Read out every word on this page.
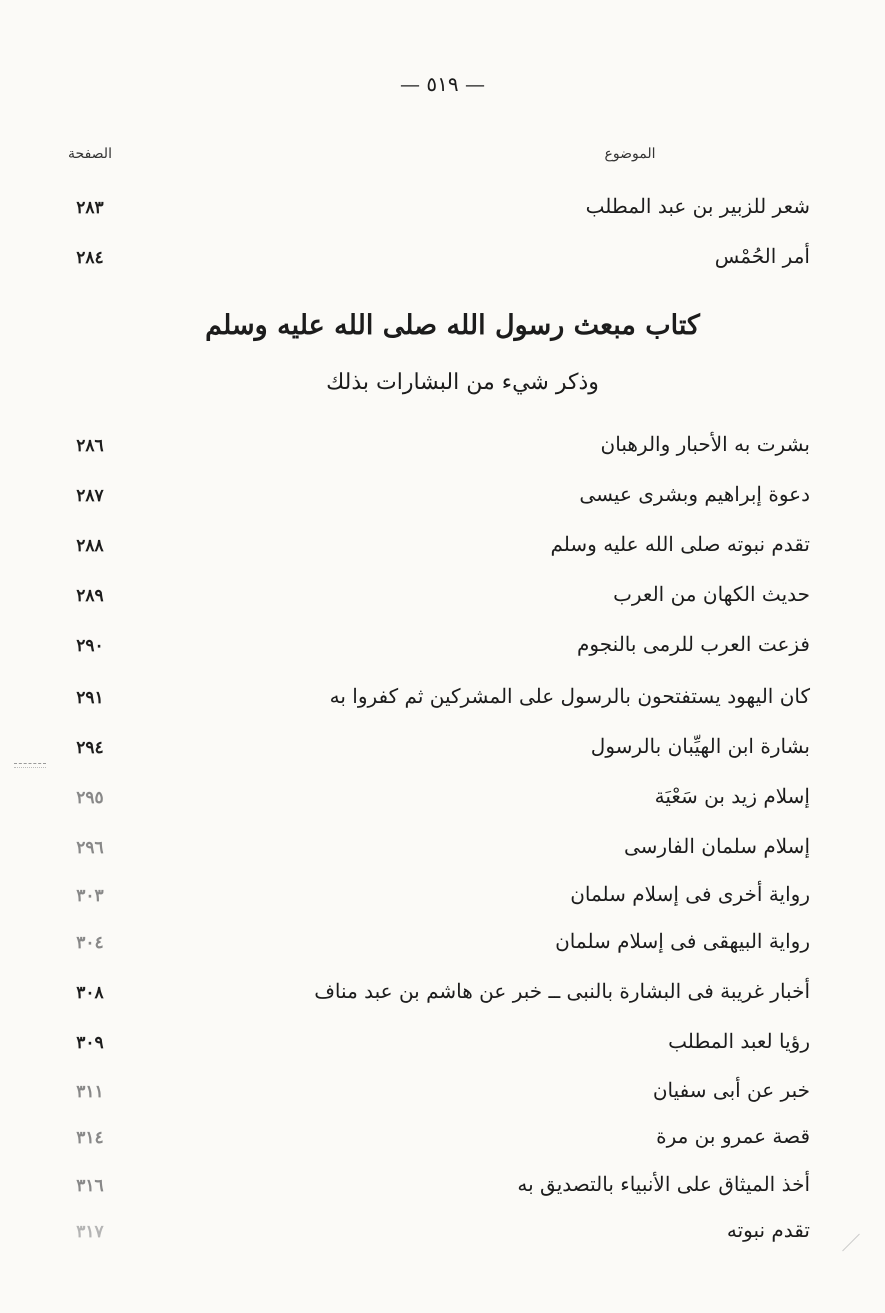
— ٥١٩ —
الموضوع
الصفحة
شعر للزبير بن عبد المطلب
٢٨٣
أمر الحُمْس
٢٨٤
كتاب مبعث رسول الله صلى الله عليه وسلم
وذكر شيء من البشارات بذلك
بشرت به الأحبار والرهبان
٢٨٦
دعوة إبراهيم وبشرى عيسى
٢٨٧
تقدم نبوته صلى الله عليه وسلم
٢٨٨
حديث الكهان من العرب
٢٨٩
فزعت العرب للرمى بالنجوم
٢٩٠
كان اليهود يستفتحون بالرسول على المشركين ثم كفروا به
٢٩١
بشارة ابن الهيِّبان بالرسول
٢٩٤
إسلام زيد بن سَعْيَة
٢٩٥
إسلام سلمان الفارسى
٢٩٦
رواية أخرى فى إسلام سلمان
٣٠٣
رواية البيهقى فى إسلام سلمان
٣٠٤
أخبار غريبة فى البشارة بالنبى ــ خبر عن هاشم بن عبد مناف
٣٠٨
رؤيا لعبد المطلب
٣٠٩
خبر عن أبى سفيان
٣١١
قصة عمرو بن مرة
٣١٤
أخذ الميثاق على الأنبياء بالتصديق به
٣١٦
تقدم نبوته
٣١٧
